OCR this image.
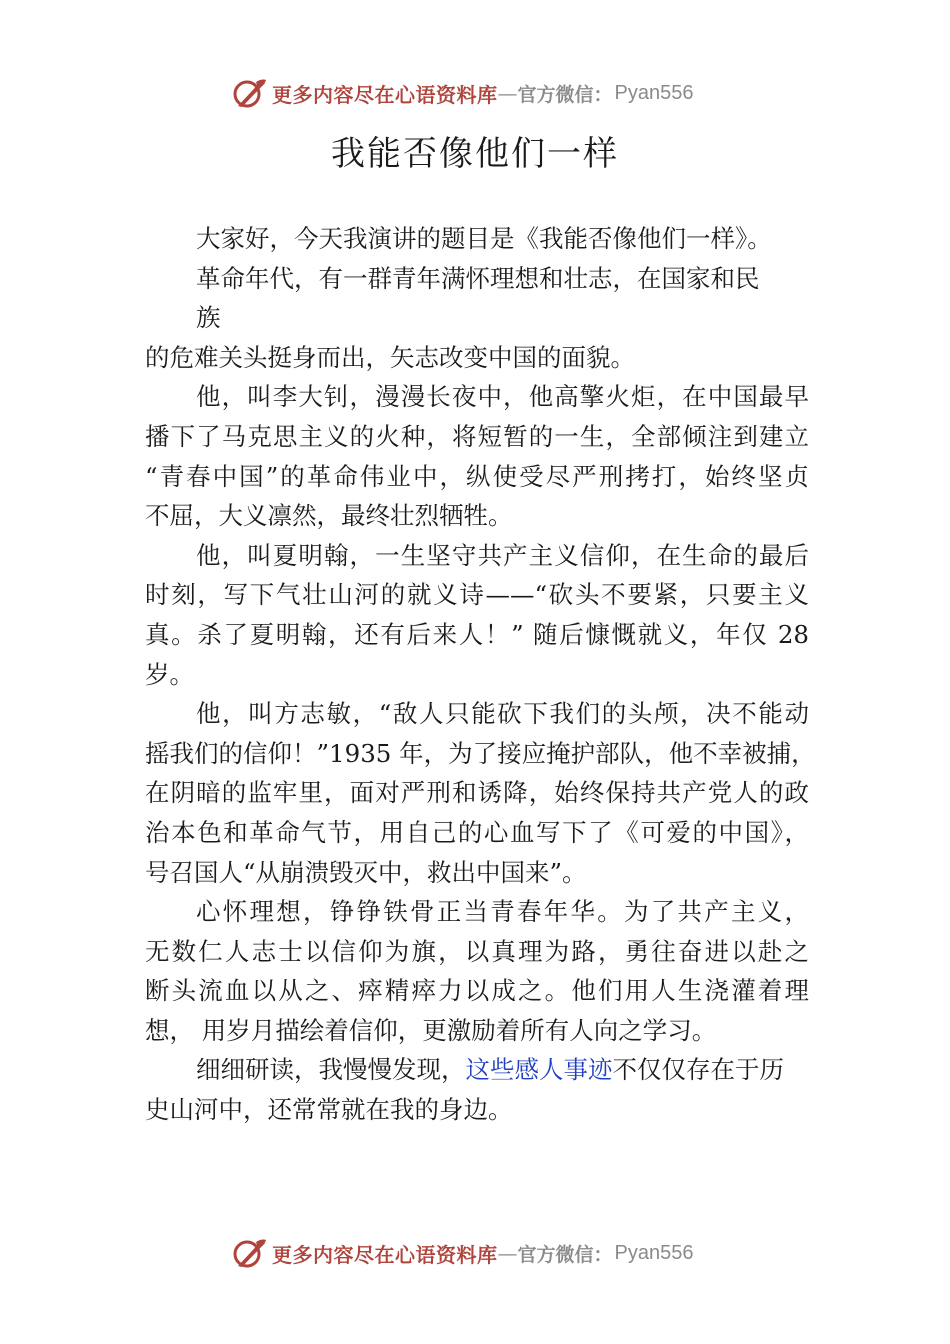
更多内容尽在心语资料库 — 官方微信： Pyan556
我能否像他们一样
大家好，今天我演讲的题目是《我能否像他们一样》。
革命年代，有一群青年满怀理想和壮志，在国家和民
族
的危难关头挺身而出，矢志改变中国的面貌。
他，叫李大钊，漫漫长夜中，他高擎火炬，在中国最早
播下了马克思主义的火种，将短暂的一生，全部倾注到建立
“青春中国”的革命伟业中，纵使受尽严刑拷打，始终坚贞
不屈，大义凛然，最终壮烈牺牲。
他，叫夏明翰，一生坚守共产主义信仰，在生命的最后
时刻，写下气壮山河的就义诗——“砍头不要紧，只要主义
真。杀了夏明翰，还有后来人！” 随后慷慨就义，年仅 28
岁。
他，叫方志敏，“敌人只能砍下我们的头颅，决不能动
摇我们的信仰！”1935 年，为了接应掩护部队，他不幸被捕，
在阴暗的监牢里，面对严刑和诱降，始终保持共产党人的政
治本色和革命气节，用自己的心血写下了《可爱的中国》，
号召国人“从崩溃毁灭中，救出中国来”。
心怀理想，铮铮铁骨正当青春年华。为了共产主义，
无数仁人志士以信仰为旗，以真理为路，勇往奋进以赴之
断头流血以从之、瘁精瘁力以成之。他们用人生浇灌着理
想， 用岁月描绘着信仰，更激励着所有人向之学习。
细细研读，我慢慢发现，这些感人事迹不仅仅存在于历
史山河中，还常常就在我的身边。
更多内容尽在心语资料库 — 官方微信： Pyan556
